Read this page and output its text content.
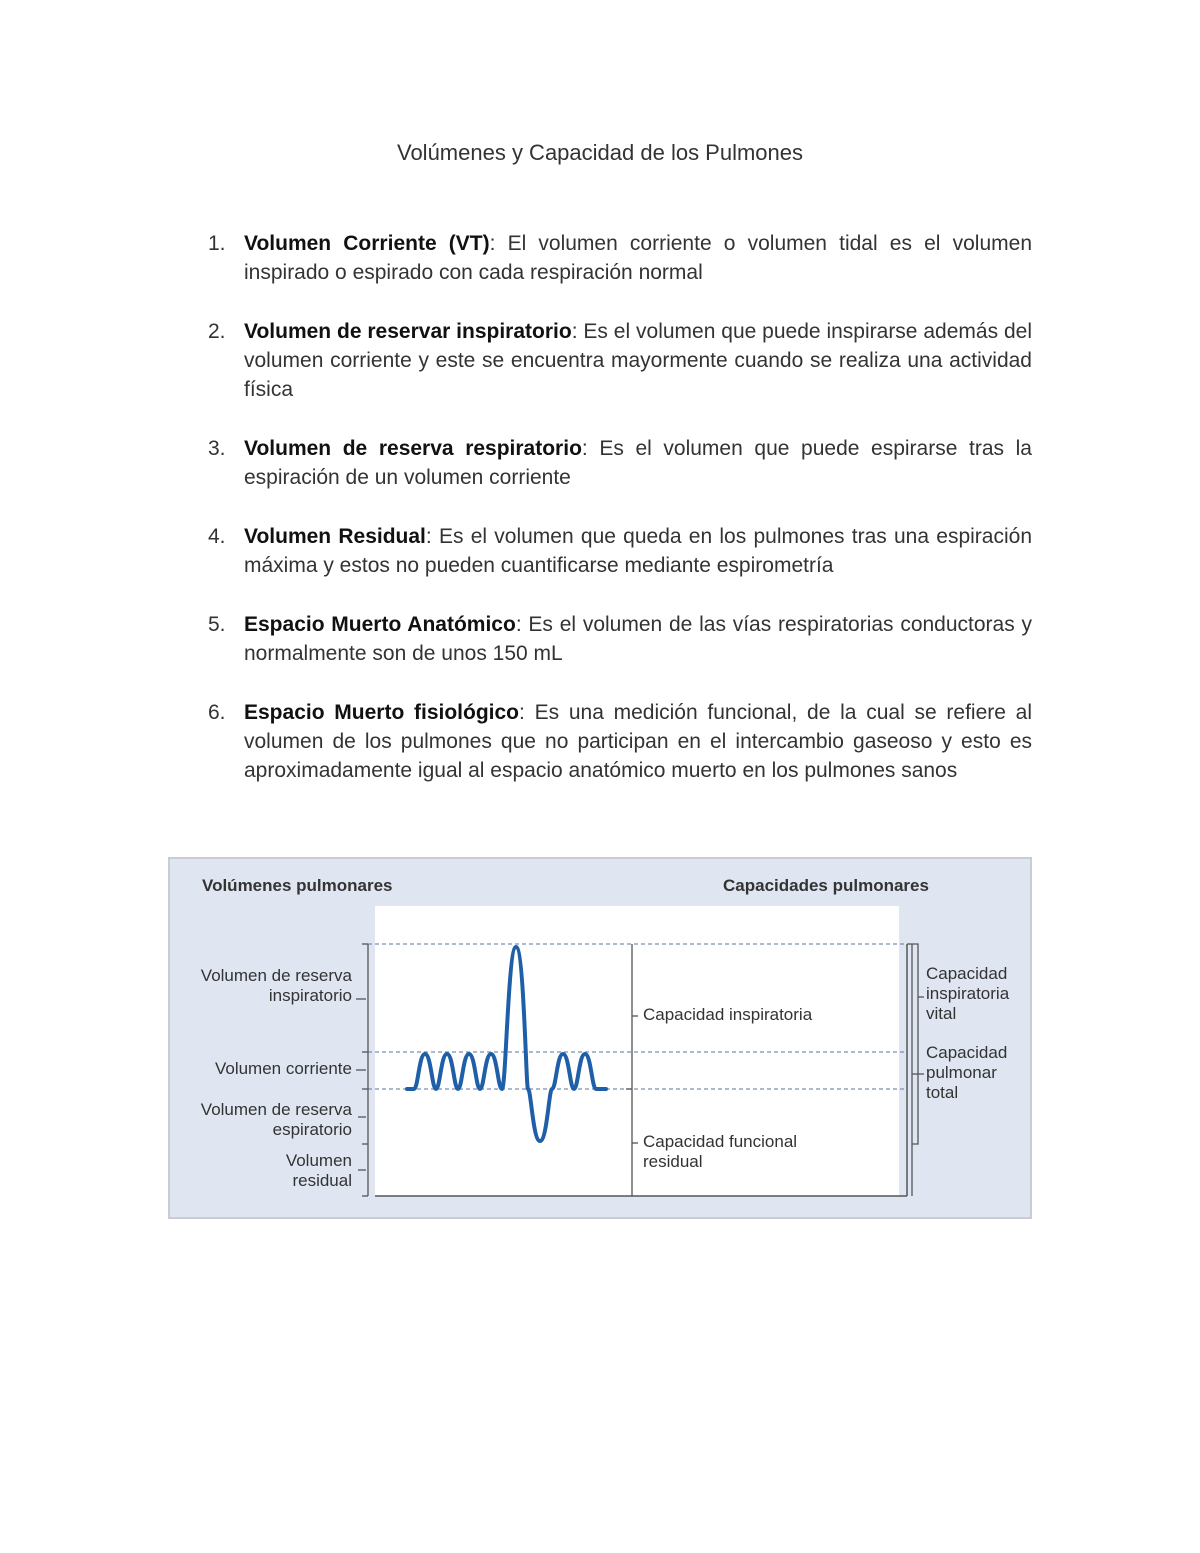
Volúmenes y Capacidad de los Pulmones
1. Volumen Corriente (VT): El volumen corriente o volumen tidal es el volumen inspirado o espirado con cada respiración normal
2. Volumen de reservar inspiratorio: Es el volumen que puede inspirarse además del volumen corriente y este se encuentra mayormente cuando se realiza una actividad física
3. Volumen de reserva respiratorio: Es el volumen que puede espirarse tras la espiración de un volumen corriente
4. Volumen Residual: Es el volumen que queda en los pulmones tras una espiración máxima y estos no pueden cuantificarse mediante espirometría
5. Espacio Muerto Anatómico: Es el volumen de las vías respiratorias conductoras y normalmente son de unos 150 mL
6. Espacio Muerto fisiológico: Es una medición funcional, de la cual se refiere al volumen de los pulmones que no participan en el intercambio gaseoso y esto es aproximadamente igual al espacio anatómico muerto en los pulmones sanos
Volúmenes pulmonares	Capacidades pulmonares
Volumen de reserva
inspiratorio
Volumen corriente
Volumen de reserva
espiratorio
Volumen
residual
Capacidad inspiratoria
Capacidad funcional
residual
Capacidad
inspiratoria
vital
Capacidad
pulmonar
total
